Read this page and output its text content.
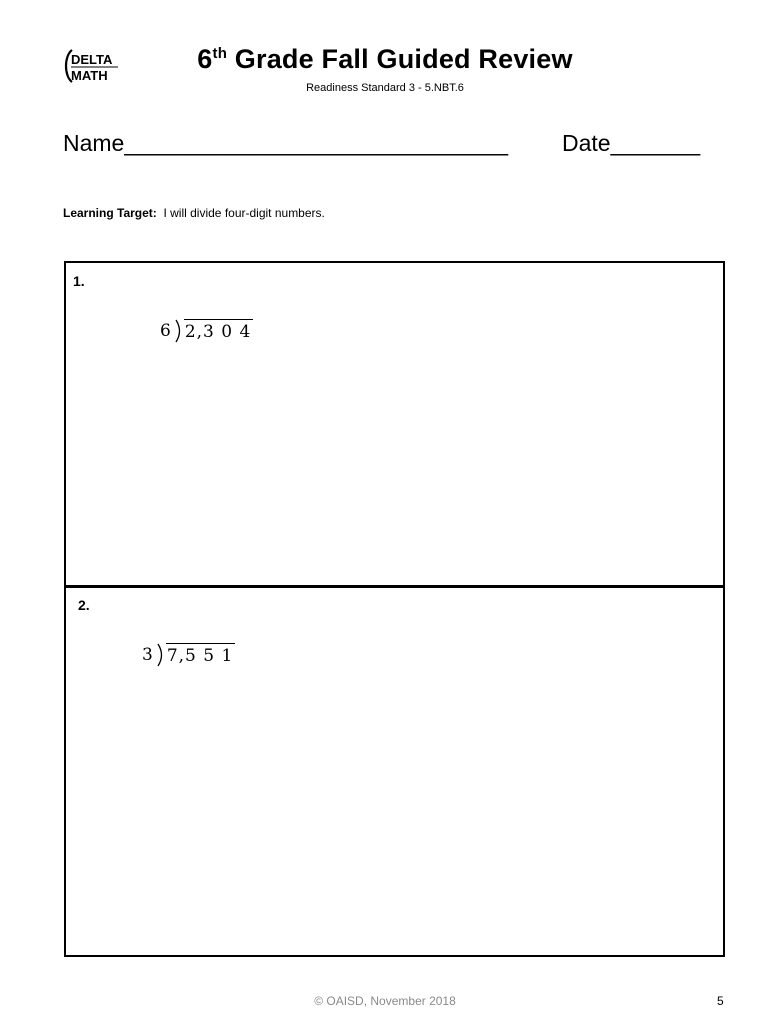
DELTA
MATH
6th Grade Fall Guided Review
Readiness Standard 3 - 5.NBT.6
Name______________________________ Date_______
Learning Target:  I will divide four-digit numbers.
1.
6 2,3 0 4
2.
3 7,5 5 1
© OAISD, November 2018	5
